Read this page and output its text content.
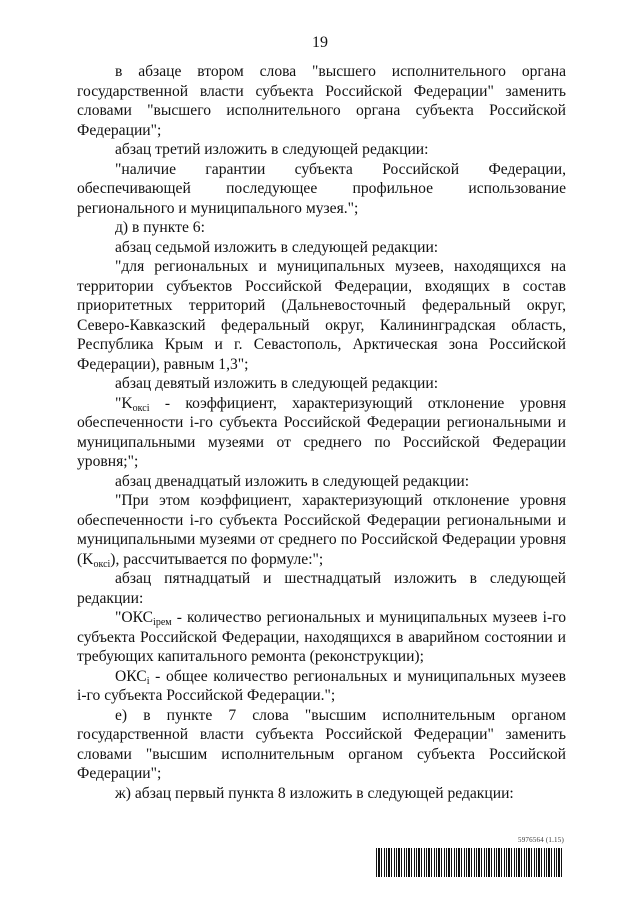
19

в абзаце втором слова "высшего исполнительного органа государственной власти субъекта Российской Федерации" заменить словами "высшего исполнительного органа субъекта Российской Федерации";

абзац третий изложить в следующей редакции:

"наличие гарантии субъекта Российской Федерации, обеспечивающей последующее профильное использование регионального и муниципального музея.";

д) в пункте 6:

абзац седьмой изложить в следующей редакции:

"для региональных и муниципальных музеев, находящихся на территории субъектов Российской Федерации, входящих в состав приоритетных территорий (Дальневосточный федеральный округ, Северо-Кавказский федеральный округ, Калининградская область, Республика Крым и г. Севастополь, Арктическая зона Российской Федерации), равным 1,3";

абзац девятый изложить в следующей редакции:

"$K_{оксі}$ - коэффициент, характеризующий отклонение уровня обеспеченности і-го субъекта Российской Федерации региональными и муниципальными музеями от среднего по Российской Федерации уровня;";

абзац двенадцатый изложить в следующей редакции:

"При этом коэффициент, характеризующий отклонение уровня обеспеченности і-го субъекта Российской Федерации региональными и муниципальными музеями от среднего по Российской Федерации уровня $(K_{оксі})$, рассчитывается по формуле:";

абзац пятнадцатый и шестнадцатый изложить в следующей редакции:

"$ОКС_{ірем}$ - количество региональных и муниципальных музеев і-го субъекта Российской Федерации, находящихся в аварийном состоянии и требующих капитального ремонта (реконструкции);

$ОКС_і$ - общее количество региональных и муниципальных музеев і-го субъекта Российской Федерации.";

е) в пункте 7 слова "высшим исполнительным органом государственной власти субъекта Российской Федерации" заменить словами "высшим исполнительным органом субъекта Российской Федерации";

ж) абзац первый пункта 8 изложить в следующей редакции:

5976564 (1.15)
